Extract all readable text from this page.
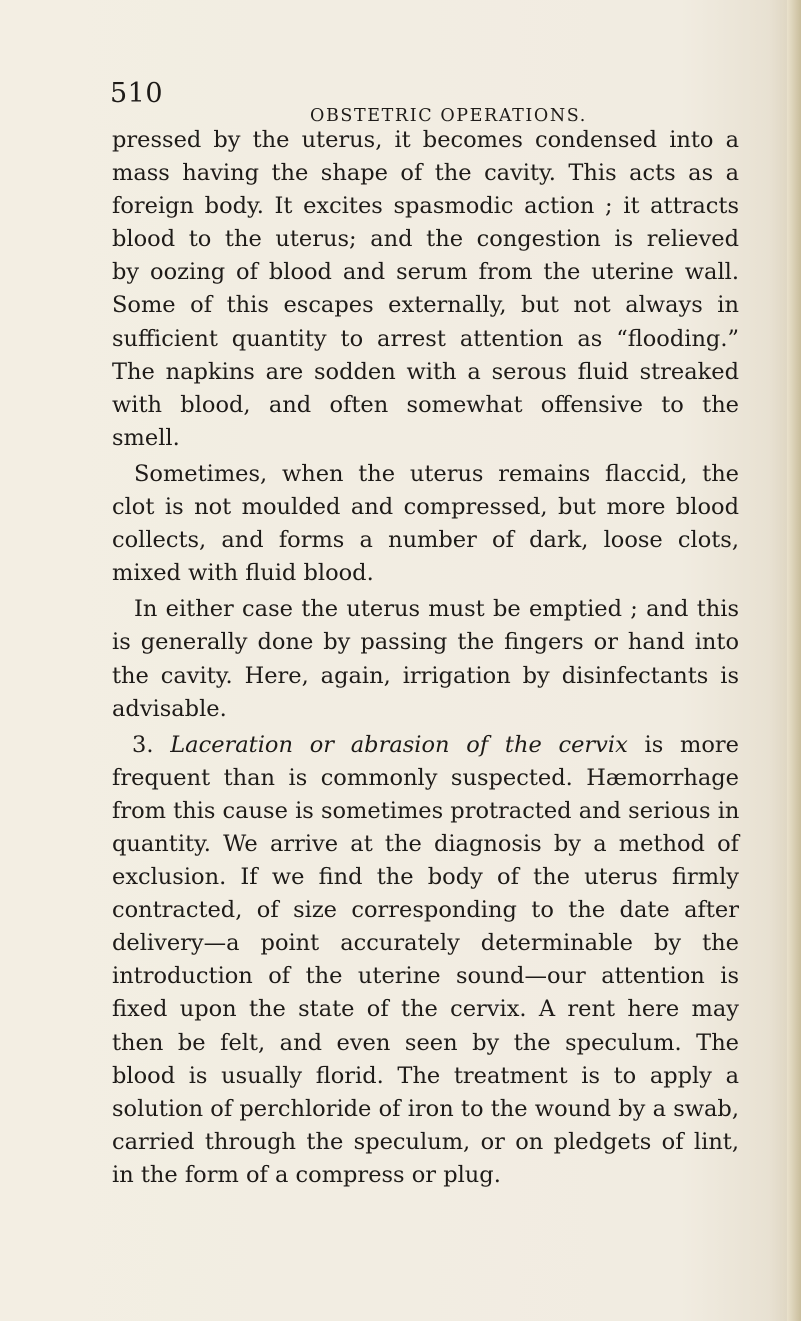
510
OBSTETRIC OPERATIONS.
pressed by the uterus, it becomes condensed into a
mass having the shape of the cavity. This acts as a
foreign body. It excites spasmodic action ; it attracts
blood to the uterus; and the congestion is relieved
by oozing of blood and serum from the uterine wall.
Some of this escapes externally, but not always in
sufficient quantity to arrest attention as “flooding.”
The napkins are sodden with a serous fluid streaked
with blood, and often somewhat offensive to the
smell.
Sometimes, when the uterus remains flaccid, the
clot is not moulded and compressed, but more blood
collects, and forms a number of dark, loose clots,
mixed with fluid blood.
In either case the uterus must be emptied ; and this
is generally done by passing the fingers or hand into
the cavity. Here, again, irrigation by disinfectants is
advisable.
3. Laceration or abrasion of the cervix is more
frequent than is commonly suspected. Hæmorrhage
from this cause is sometimes protracted and serious in
quantity. We arrive at the diagnosis by a method of
exclusion. If we find the body of the uterus firmly
contracted, of size corresponding to the date after
delivery—a point accurately determinable by the
introduction of the uterine sound—our attention is
fixed upon the state of the cervix. A rent here may
then be felt, and even seen by the speculum. The
blood is usually florid. The treatment is to apply a
solution of perchloride of iron to the wound by a swab,
carried through the speculum, or on pledgets of lint,
in the form of a compress or plug.
